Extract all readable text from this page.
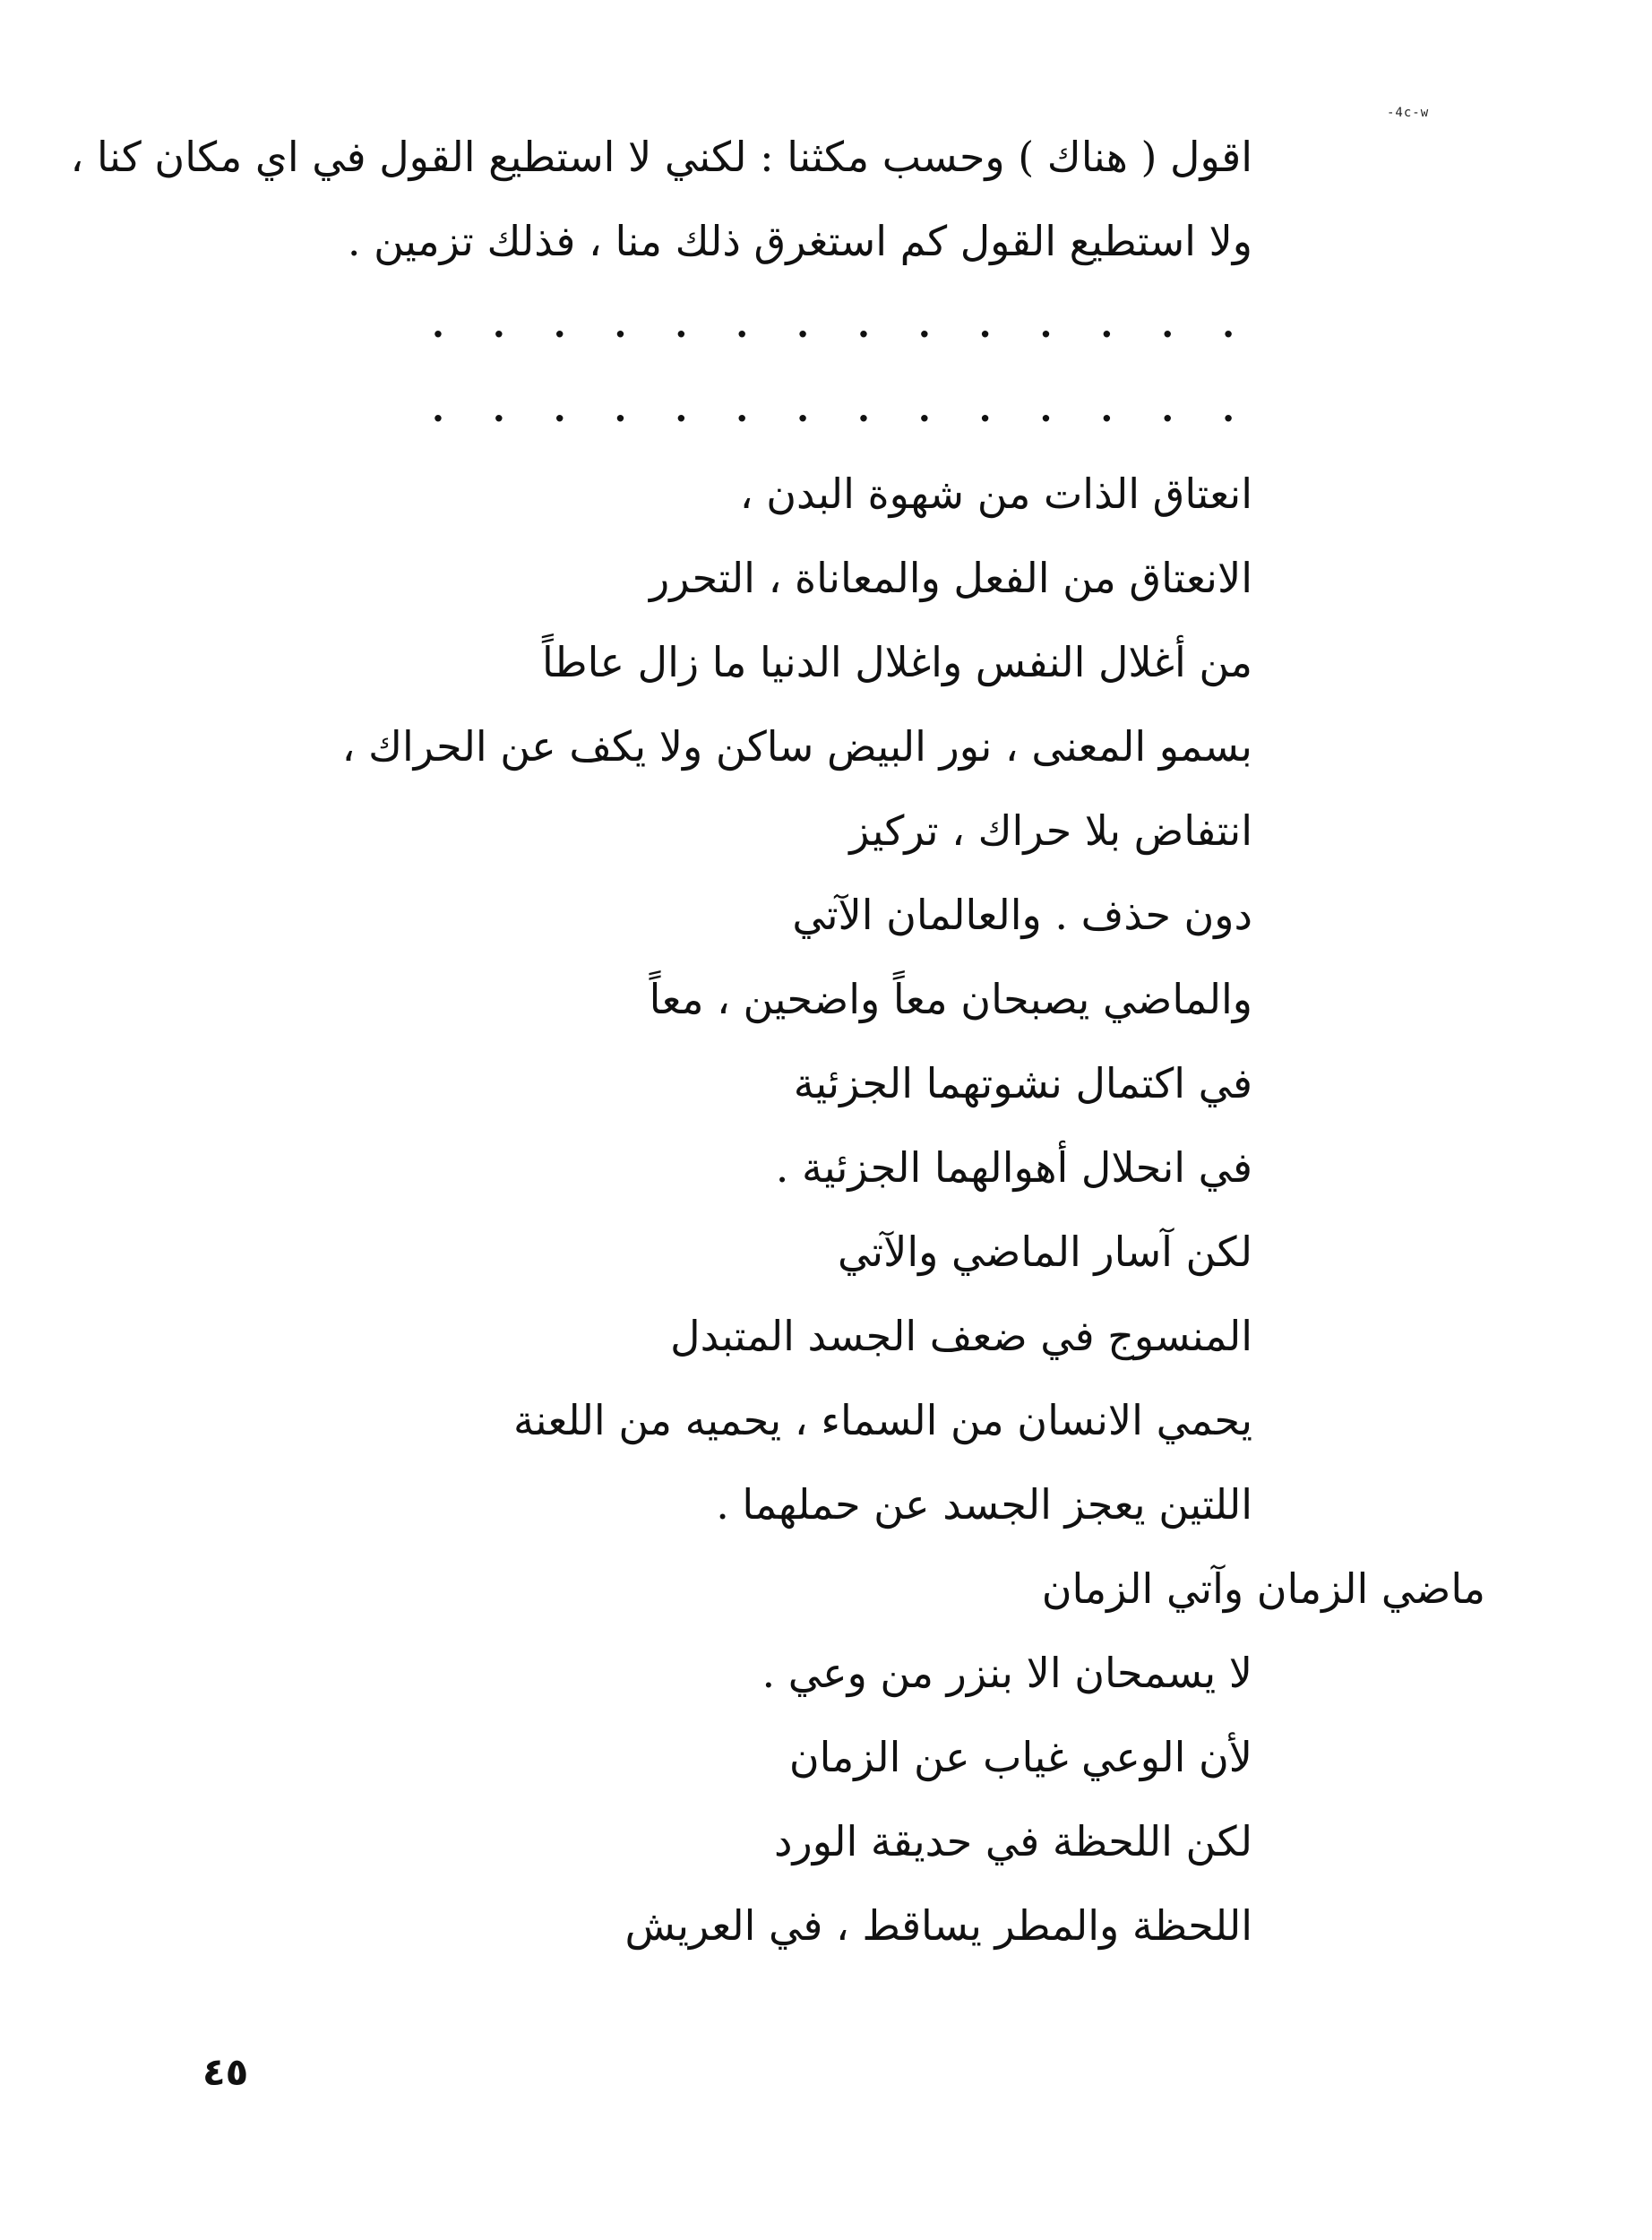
-4c-w
اقول ( هناك ) وحسب مكثنا : لكني لا استطيع القول في اي مكان كنا ،
ولا استطيع القول كم استغرق ذلك منا ، فذلك تزمين .
. . . . . . . . . . . . . .
. . . . . . . . . . . . . .
انعتاق الذات من شهوة البدن ،
الانعتاق من الفعل والمعاناة ، التحرر
من أغلال النفس واغلال الدنيا ما زال عاطاً
بسمو المعنى ، نور البيض ساكن ولا يكف عن الحراك ،
انتفاض بلا حراك ، تركيز
دون حذف . والعالمان الآتي
والماضي يصبحان معاً واضحين ، معاً
في اكتمال نشوتهما الجزئية
في انحلال أهوالهما الجزئية .
لكن آسار الماضي والآتي
المنسوج في ضعف الجسد المتبدل
يحمي الانسان من السماء ، يحميه من اللعنة
اللتين يعجز الجسد عن حملهما .
ماضي الزمان وآتي الزمان
لا يسمحان الا بنزر من وعي .
لأن الوعي غياب عن الزمان
لكن اللحظة في حديقة الورد
اللحظة والمطر يساقط ، في العريش
٤٥
